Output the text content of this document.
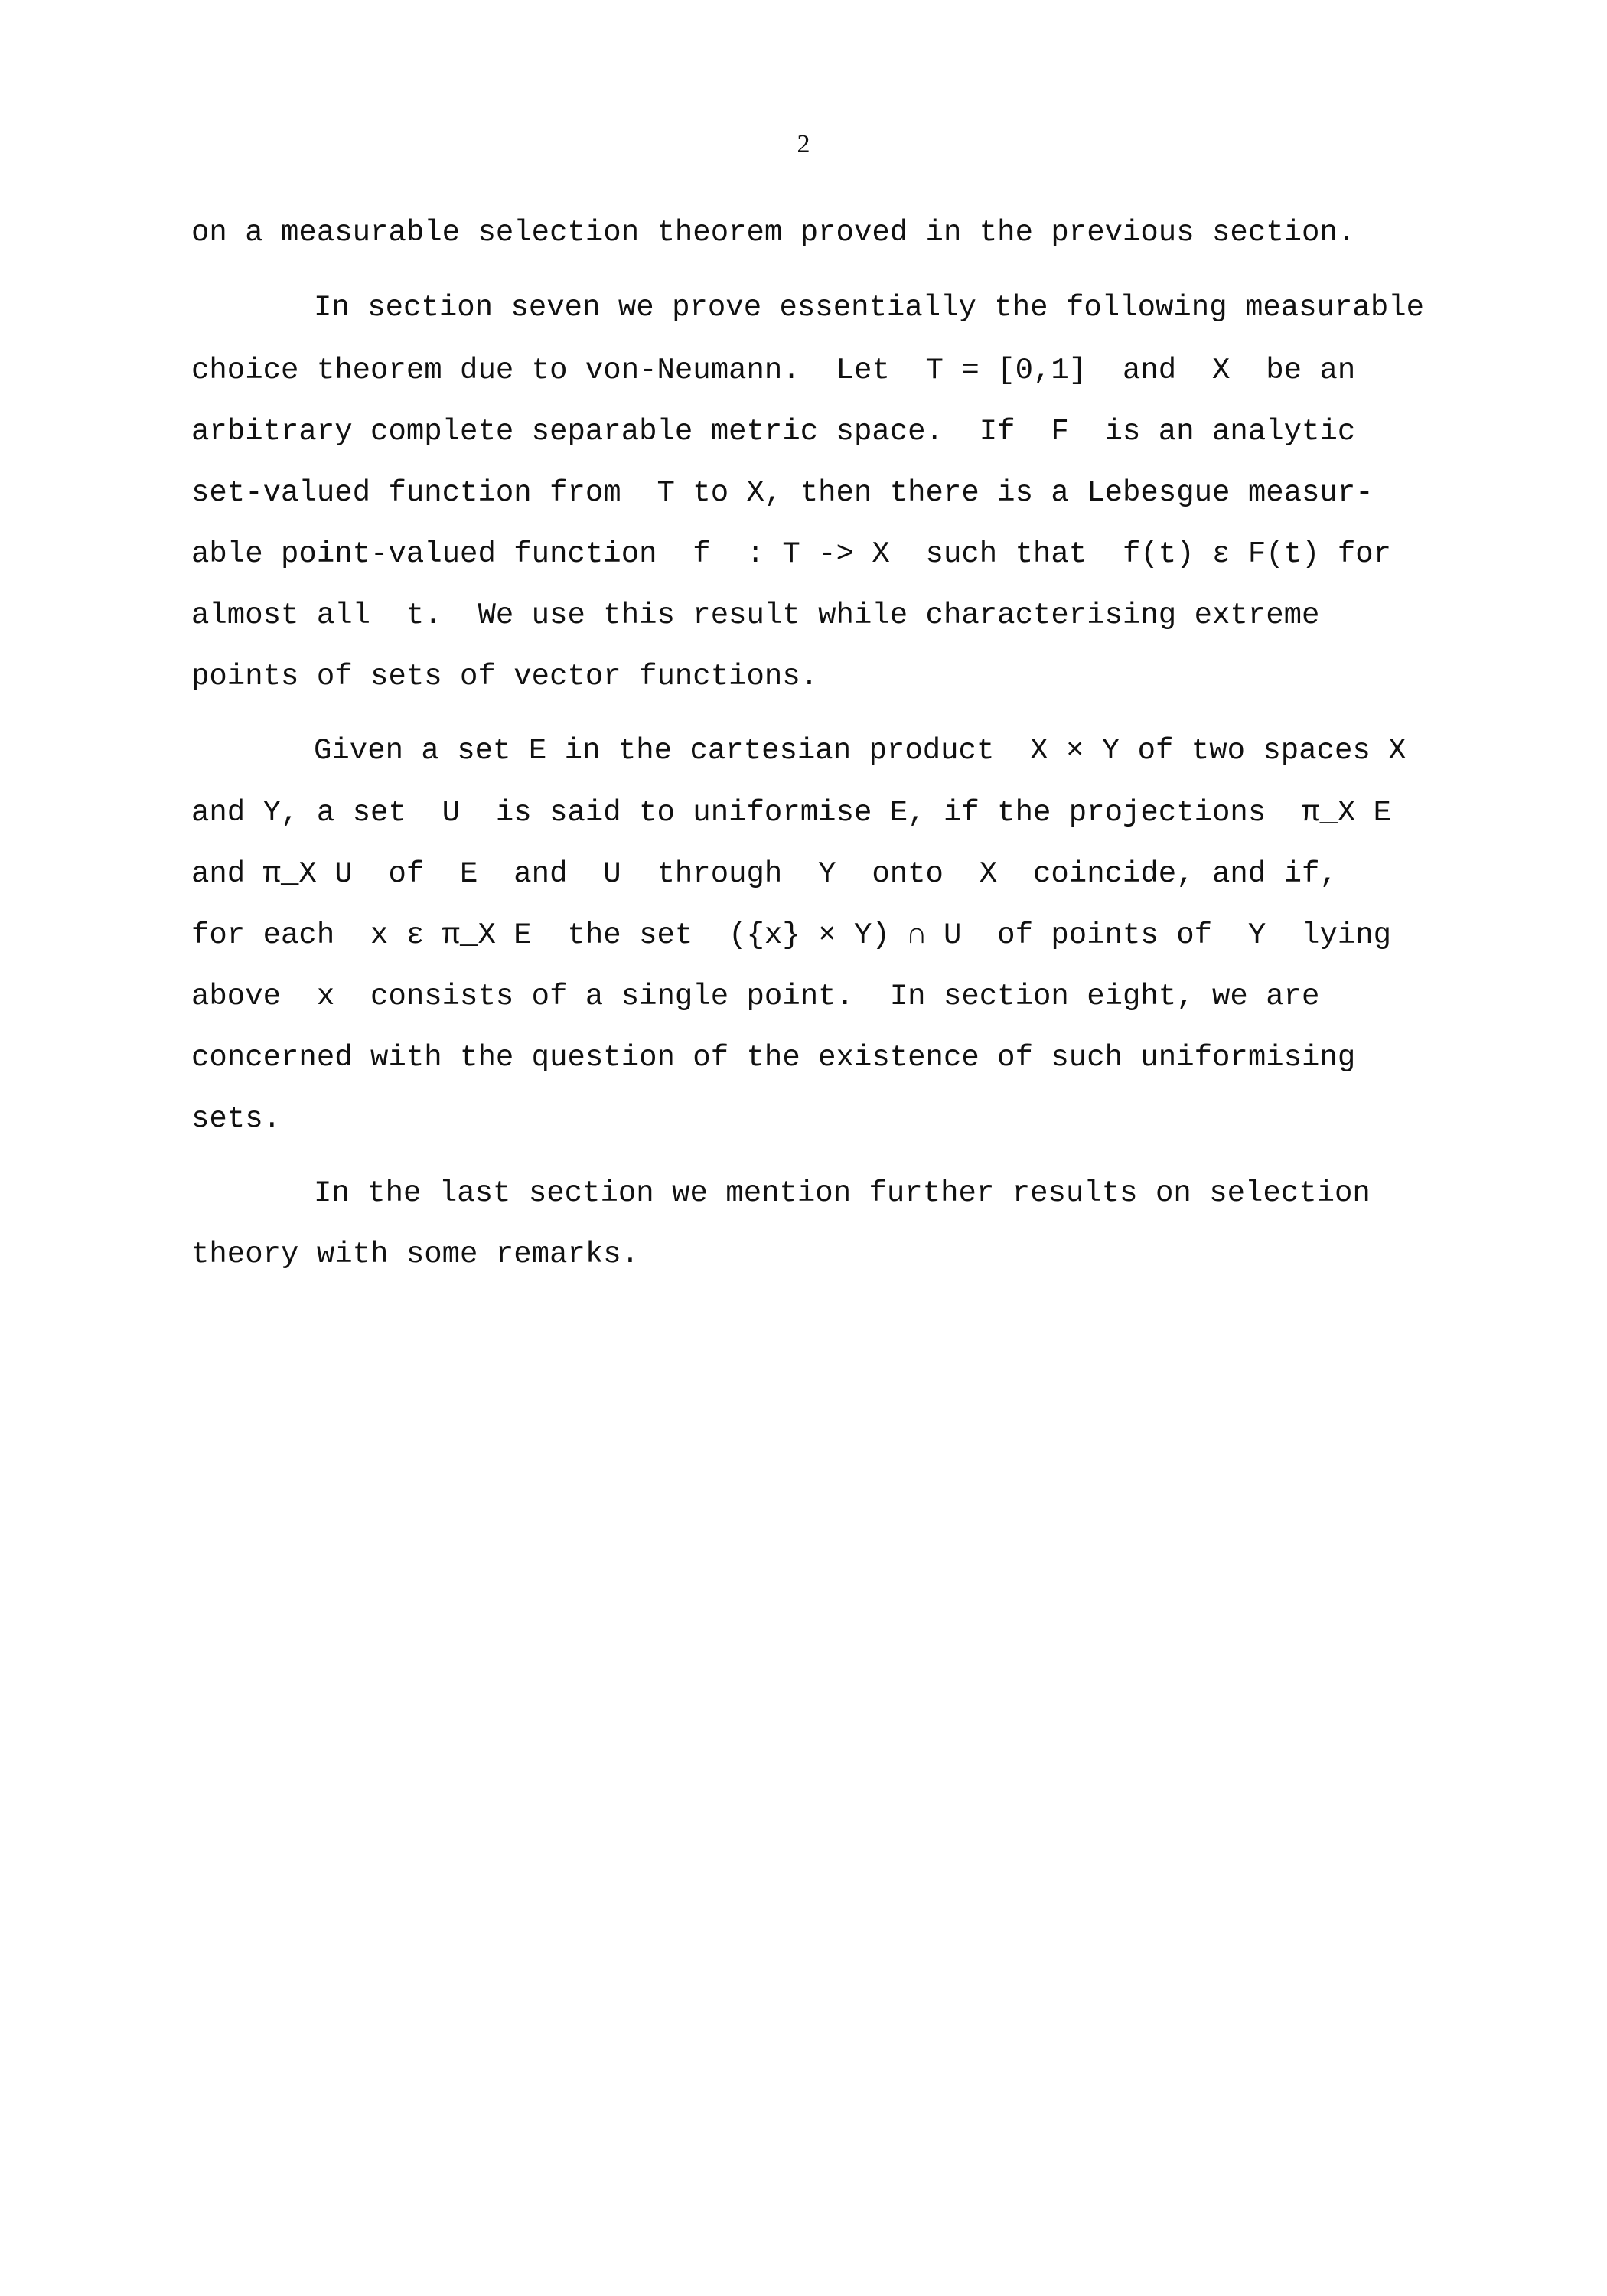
2
on a measurable selection theorem proved in the previous section.
In section seven we prove essentially the following measurable
choice theorem due to von-Neumann.  Let  T = [0,1]  and  X  be an
arbitrary complete separable metric space.  If  F  is an analytic
set-valued function from  T to X, then there is a Lebesgue measur-
able point-valued function  f  : T -> X  such that  f(t) ε F(t) for
almost all  t.  We use this result while characterising extreme
points of sets of vector functions.
Given a set E in the cartesian product  X × Y of two spaces X
and Y, a set  U  is said to uniformise E, if the projections  π_X E
and π_X U  of  E  and  U  through  Y  onto  X  coincide, and if,
for each  x ε π_X E  the set  ({x} × Y) ∩ U  of points of  Y  lying
above  x  consists of a single point.  In section eight, we are
concerned with the question of the existence of such uniformising
sets.
In the last section we mention further results on selection
theory with some remarks.
